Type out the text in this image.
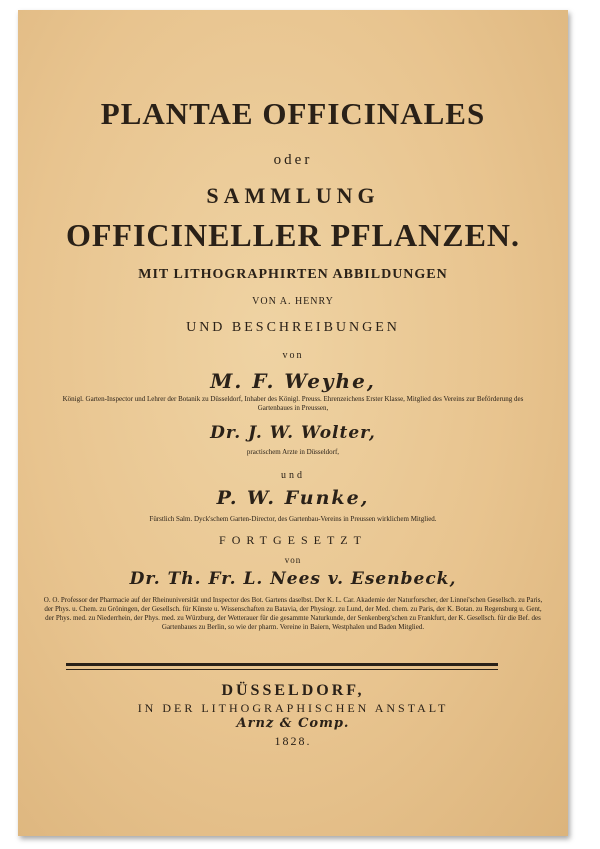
PLANTAE OFFICINALES
oder
SAMMLUNG
OFFICINELLER PFLANZEN.
MIT LITHOGRAPHIRTEN ABBILDUNGEN
VON A. HENRY
UND BESCHREIBUNGEN
von
M. F. Weyhe,
Königl. Garten-Inspector und Lehrer der Botanik zu Düsseldorf, Inhaber des Königl. Preuss. Ehrenzeichens Erster Klasse, Mitglied des Vereins zur Beförderung des Gartenbaues in Preussen,
Dr. J. W. Wolter,
practischem Arzte in Düsseldorf,
und
P. W. Funke,
Fürstlich Salm. Dyck'schem Garten-Director, des Gartenbau-Vereins in Preussen wirklichem Mitglied.
FORTGESETZT
von
Dr. Th. Fr. L. Nees v. Esenbeck,
O. O. Professor der Pharmacie auf der Rheinuniversität und Inspector des Bot. Gartens daselbst. Der K. L. Car. Akademie der Naturforscher, der Linnei'schen Gesellsch. zu Paris, der Phys. u. Chem. zu Gröningen, der Gesellsch. für Künste u. Wissenschaften zu Batavia, der Physiogr. zu Lund, der Med. chem. zu Paris, der K. Botan. zu Regensburg u. Gent, der Phys. med. zu Niederrhein, der Phys. med. zu Würzburg, der Wetterauer für die gesammte Naturkunde, der Senkenberg'schen zu Frankfurt, der K. Gesellsch. für die Bef. des Gartenbaues zu Berlin, so wie der pharm. Vereine in Baiern, Westphalen und Baden Mitglied.
DÜSSELDORF,
IN DER LITHOGRAPHISCHEN ANSTALT
Arnz & Comp.
1828.
